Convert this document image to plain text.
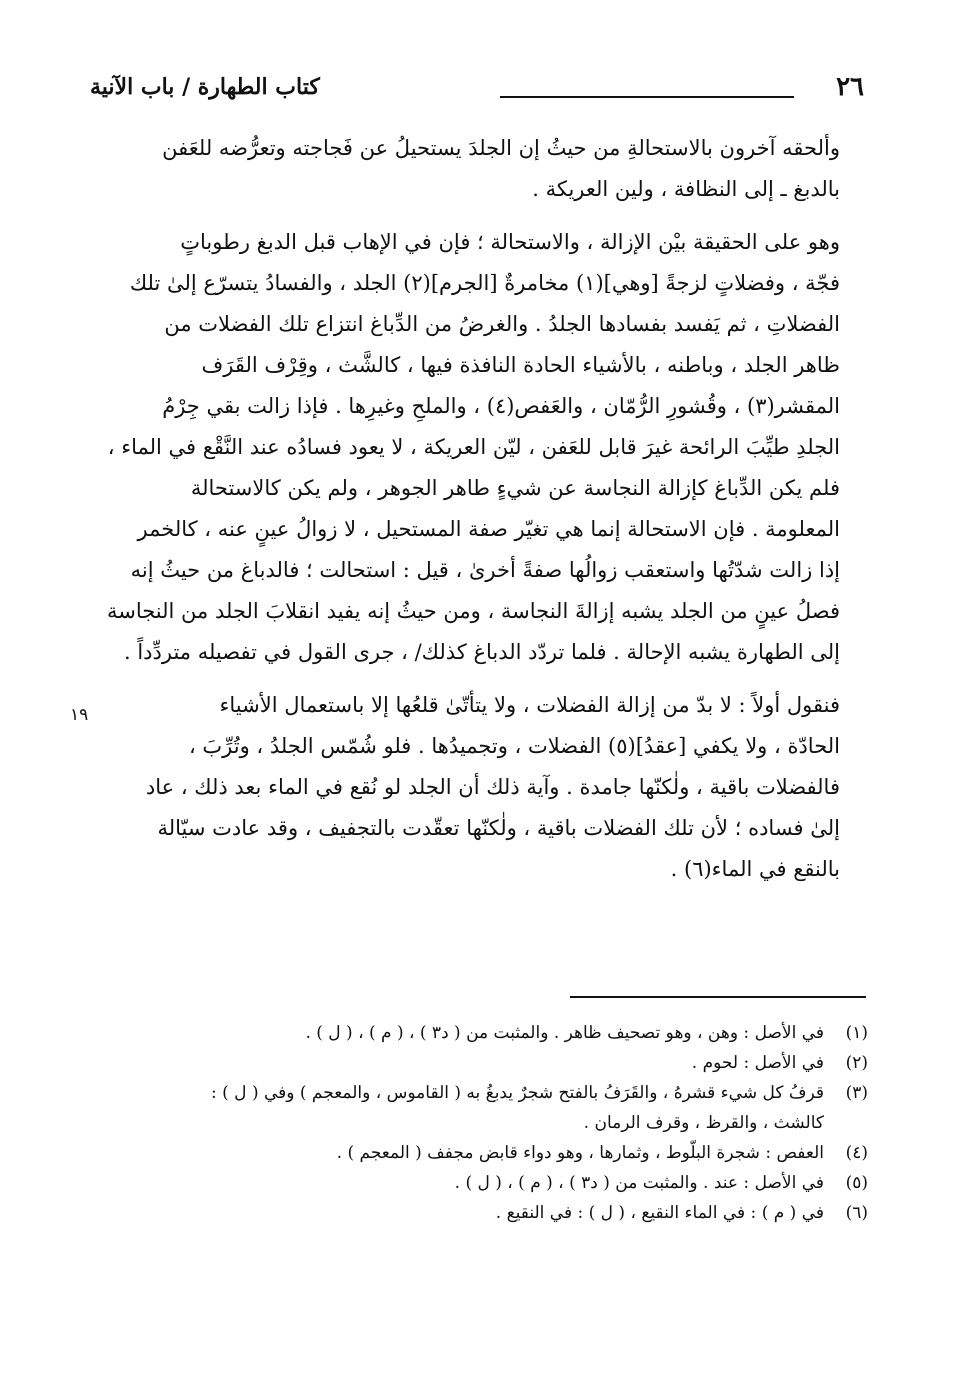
٢٦
كتاب الطهارة / باب الآنية

وألحقه آخرون بالاستحالةِ من حيثُ إن الجلدَ يستحيلُ عن فَجاجته وتعرُّضه للعَفن
بالدبغ ـ إلى النظافة ، ولين العريكة .

وهو على الحقيقة بيْن الإزالة ، والاستحالة ؛ فإن في الإهاب قبل الدبغ رطوباتٍ
فجّة ، وفضلاتٍ لزجةً [وهي](١) مخامرةٌ [الجرم](٢) الجلد ، والفسادُ يتسرّع إلىٰ تلك
الفضلاتِ ، ثم يَفسد بفسادها الجلدُ . والغرضُ من الدِّباغ انتزاع تلك الفضلات من
ظاهر الجلد ، وباطنه ، بالأشياء الحادة النافذة فيها ، كالشَّث ، وقِرْف القَرَف
المقشر(٣) ، وقُشورِ الرُّمّان ، والعَفص(٤) ، والملحِ وغيرِها . فإذا زالت بقي جِرْمُ
الجلدِ طيِّبَ الرائحة غيرَ قابل للعَفن ، ليّن العريكة ، لا يعود فسادُه عند النَّقْع في الماء ،
فلم يكن الدِّباغ كإزالة النجاسة عن شيءٍ طاهر الجوهر ، ولم يكن كالاستحالة
المعلومة . فإن الاستحالة إنما هي تغيّر صفة المستحيل ، لا زوالُ عينٍ عنه ، كالخمر
إذا زالت شدّتُها واستعقب زوالُها صفةً أخرىٰ ، قيل : استحالت ؛ فالدباغ من حيثُ إنه
فصلُ عينٍ من الجلد يشبه إزالةَ النجاسة ، ومن حيثُ إنه يفيد انقلابَ الجلد من النجاسة
إلى الطهارة يشبه الإحالة . فلما تردّد الدباغ كذلك/ ، جرى القول في تفصيله متردِّداً .

فنقول أولاً : لا بدّ من إزالة الفضلات ، ولا يتأتّىٰ قلعُها إلا باستعمال الأشياء
الحادّة ، ولا يكفي [عقدُ](٥) الفضلات ، وتجميدُها . فلو شُمّس الجلدُ ، وتُرِّبَ ،
فالفضلات باقية ، ولٰكنّها جامدة . وآية ذلك أن الجلد لو نُقع في الماء بعد ذلك ، عاد
إلىٰ فساده ؛ لأن تلك الفضلات باقية ، ولٰكنّها تعقّدت بالتجفيف ، وقد عادت سيّالة
بالنقع في الماء(٦) .

١٩
(١)
في الأصل : وهن ، وهو تصحيف ظاهر . والمثبت من ( د٣ ) ، ( م ) ، ( ل ) .
(٢)
في الأصل : لحوم .
(٣)
قرفُ كل شيء قشرهُ ، والقَرَفُ بالفتح شجرٌ يدبغُ به ( القاموس ، والمعجم ) وفي ( ل ) :
كالشث ، والقرظ ، وقرف الرمان .
(٤)
العفص : شجرة البلّوط ، وثمارها ، وهو دواء قابض مجفف ( المعجم ) .
(٥)
في الأصل : عند . والمثبت من ( د٣ ) ، ( م ) ، ( ل ) .
(٦)
في ( م ) : في الماء النقيع ، ( ل ) : في النقيع .
